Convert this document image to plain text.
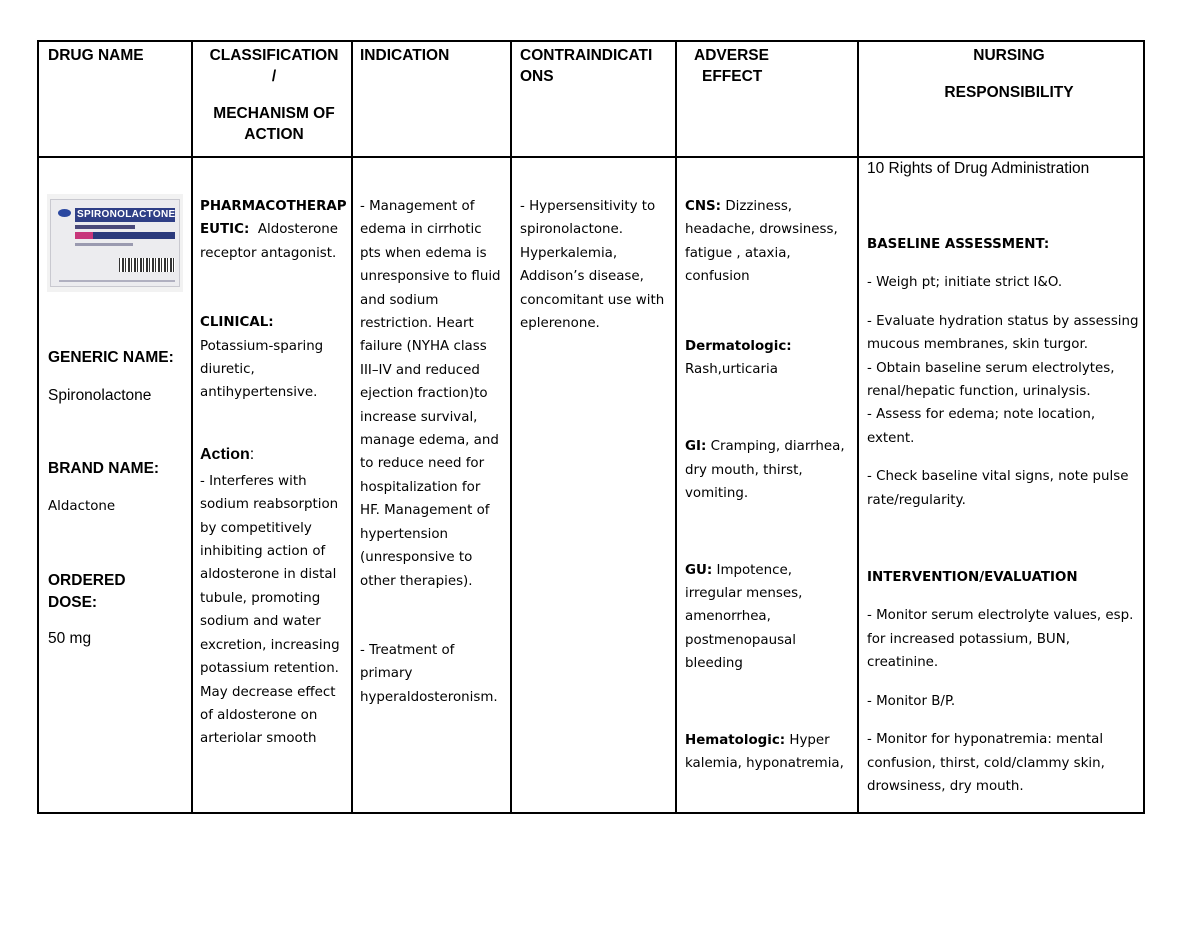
DRUG NAME	CLASSIFICATION
/
MECHANISM OF
ACTION
INDICATION	CONTRAINDICATI
ONS
ADVERSE
EFFECT
NURSING
RESPONSIBILITY
SPIRONOLACTONE
GENERIC NAME:
Spironolactone
BRAND NAME:
Aldactone
ORDERED
DOSE:
50 mg

PHARMACOTHERAP

EUTIC: Aldosterone

receptor antagonist.

CLINICAL:

Potassium-sparing

diuretic,

antihypertensive.

Action:

- Interferes with

sodium reabsorption

by competitively

inhibiting action of

aldosterone in distal

tubule, promoting

sodium and water

excretion, increasing

potassium retention.

May decrease effect

of aldosterone on

arteriolar smooth

- Management of

edema in cirrhotic

pts when edema is

unresponsive to fluid

and sodium

restriction. Heart

failure (NYHA class

III–IV and reduced

ejection fraction)to

increase survival,

manage edema, and

to reduce need for

hospitalization for

HF. Management of

hypertension

(unresponsive to

other therapies).

- Treatment of

primary

hyperaldosteronism.

- Hypersensitivity to

spironolactone.

Hyperkalemia,

Addison’s disease,

concomitant use with

eplerenone.

CNS: Dizziness,

headache, drowsiness,

fatigue , ataxia,

confusion

Dermatologic:

Rash,urticaria

GI: Cramping, diarrhea,

dry mouth, thirst,

vomiting.

GU: Impotence,

irregular menses,

amenorrhea,

postmenopausal

bleeding

Hematologic: Hyper

kalemia, hyponatremia,

10 Rights of Drug Administration

BASELINE ASSESSMENT:

- Weigh pt; initiate strict I&O.

- Evaluate hydration status by assessing

mucous membranes, skin turgor.

- Obtain baseline serum electrolytes,

renal/hepatic function, urinalysis.

- Assess for edema; note location,

extent.

- Check baseline vital signs, note pulse

rate/regularity.

INTERVENTION/EVALUATION

- Monitor serum electrolyte values, esp.

for increased potassium, BUN,

creatinine.

- Monitor B/P.

- Monitor for hyponatremia: mental

confusion, thirst, cold/clammy skin,

drowsiness, dry mouth.
